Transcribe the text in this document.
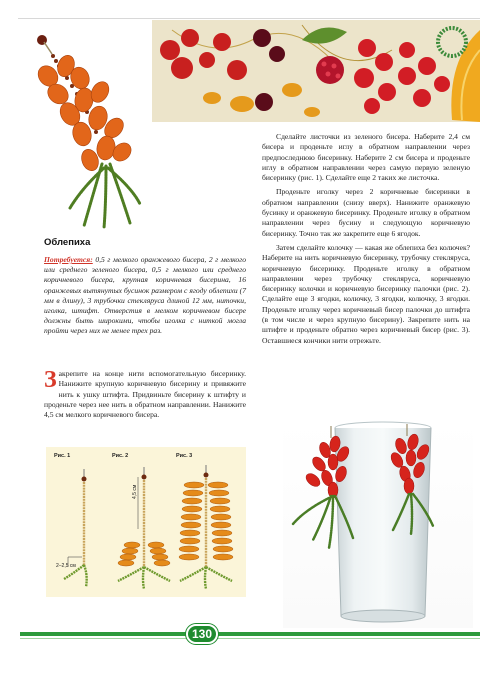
Облепиха
Потребуется: 0,5 г мелкого оранжевого бисера, 2 г мелкого или среднего зеленого бисера, 0,5 г мелкого или среднего коричневого бисера, крупная коричневая бисерина, 16 оранжевых вытянутых бусинок размером с ягоду облепихи (7 мм в длину), 3 трубочки стекляруса длиной 12 мм, ниточки, иголка, штифт. Отверстия в мелком коричневом бисере должны быть широкими, чтобы иголка с ниткой могла пройти через них не менее трех раз.
Закрепите на конце нити вспомогательную бисеринку. Нанижите крупную коричневую бисерину и привяжите нить к ушку штифта. Придвиньте бисерину к штифту и проденьте через нее нить в обратном направлении. Нанижите 4,5 см мелкого коричневого бисера.

Сделайте листочки из зеленого бисера. Наберите 2,4 см бисера и проденьте иглу в обратном направлении через предпоследнюю бисеринку. Наберите 2 см бисера и проденьте иглу в обратном направлении через самую первую зеленую бисеринку (рис. 1). Сделайте еще 2 таких же листочка.

Проденьте иголку через 2 коричневые бисеринки в обратном направлении (снизу вверх). Нанижите оранжевую бусинку и оранжевую бисеринку. Проденьте иголку в обратном направлении через бусину и следующую коричневую бисеринку. Точно так же закрепите еще 6 ягодок.

Затем сделайте колочку — какая же облепиха без колючек? Наберите на нить коричневую бисеринку, трубочку стекляруса, коричневую бисеринку. Проденьте иголку в обратном направлении через трубочку стекляруса, коричневую бисеринку колочки и коричневую бисеринку палочки (рис. 2). Сделайте еще 3 ягодки, колючку, 3 ягодки, колючку, 3 ягодки. Проденьте иголку через коричневый бисер палочки до штифта (в том числе и через крупную бисерину). Закрепите нить на штифте и проденьте обратно через коричневый бисер (рис. 3). Оставшиеся кончики нити отрежьте.

Рис. 1	Рис. 2	Рис. 3
4,5 см
2–2,5 см
130
